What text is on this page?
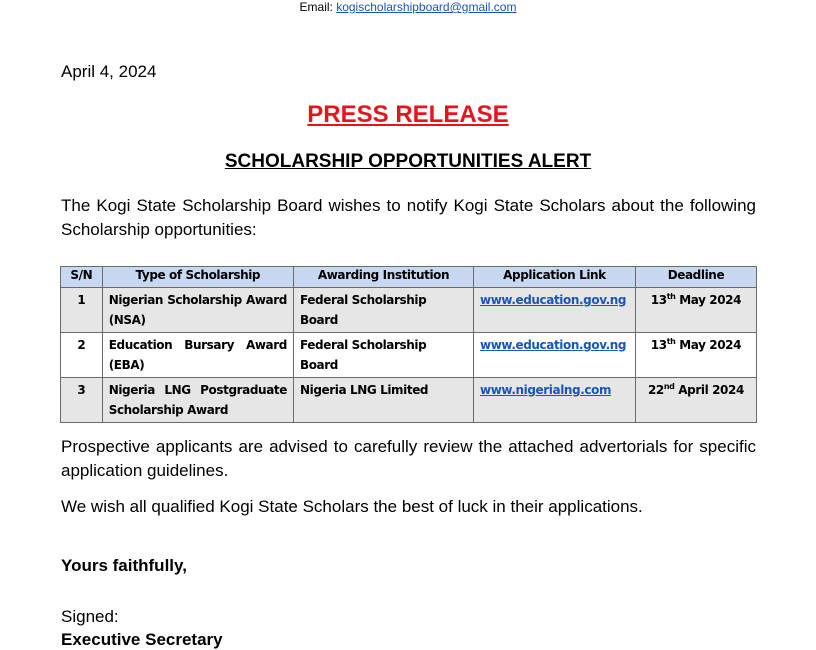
Email: kogischolarshipboard@gmail.com
April 4, 2024
PRESS RELEASE
SCHOLARSHIP OPPORTUNITIES ALERT
The Kogi State Scholarship Board wishes to notify Kogi State Scholars about the following Scholarship opportunities:
S/N	Type of Scholarship	Awarding Institution	Application Link	Deadline
1	Nigerian Scholarship Award (NSA)	Federal Scholarship Board	www.education.gov.ng	13th May 2024
2	Education Bursary Award (EBA)	Federal Scholarship Board	www.education.gov.ng	13th May 2024
3	Nigeria LNG Postgraduate Scholarship Award	Nigeria LNG Limited	www.nigerialng.com	22nd April 2024
Prospective applicants are advised to carefully review the attached advertorials for specific application guidelines.
We wish all qualified Kogi State Scholars the best of luck in their applications.
Yours faithfully,
Signed:
Executive Secretary
